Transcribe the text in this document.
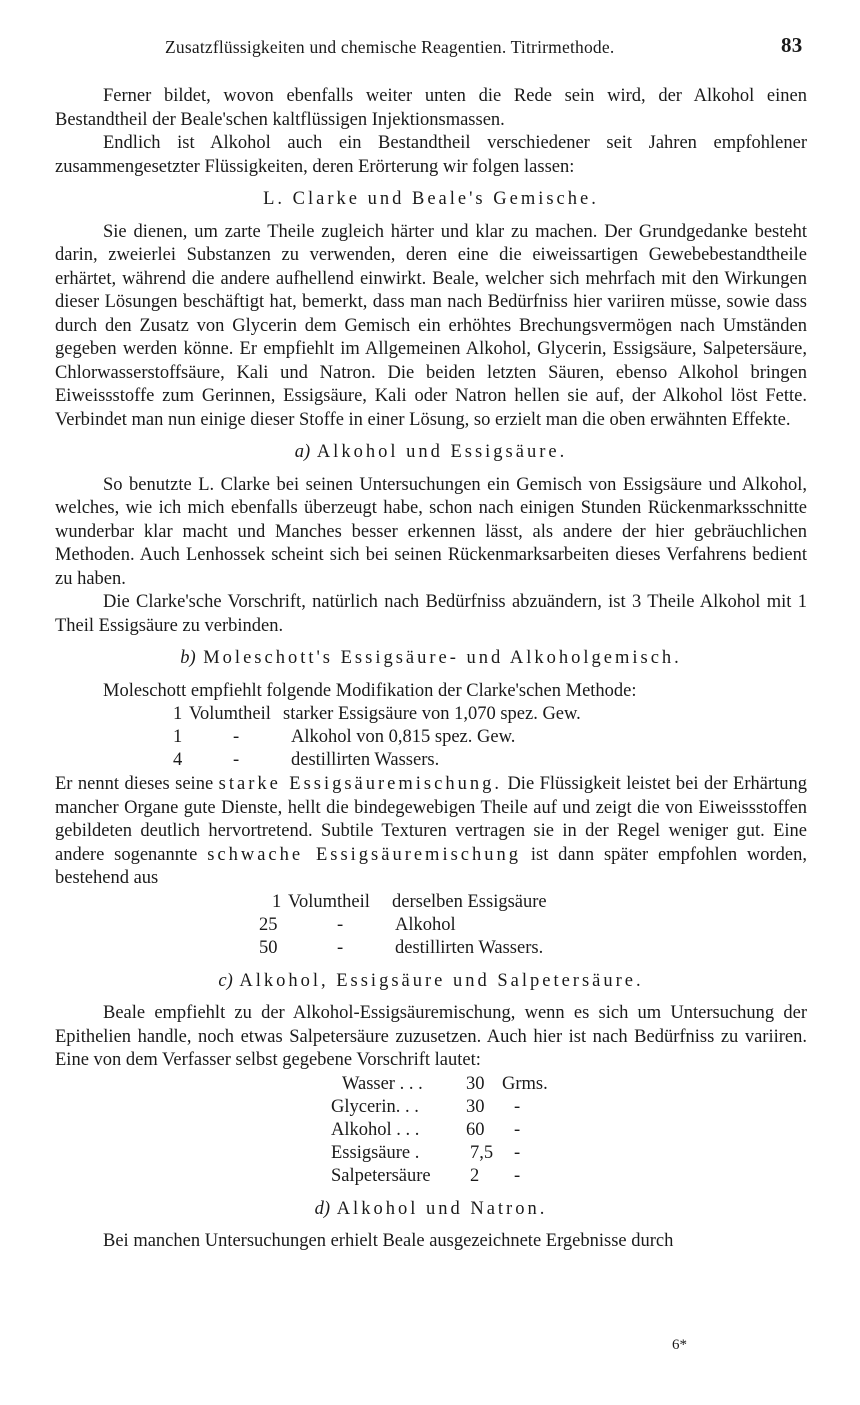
Zusatzflüssigkeiten und chemische Reagentien. Titrirmethode.	83

Ferner bildet, wovon ebenfalls weiter unten die Rede sein wird, der Alkohol einen Bestandtheil der Beale'schen kaltflüssigen Injektionsmassen.

Endlich ist Alkohol auch ein Bestandtheil verschiedener seit Jahren empfohlener zusammengesetzter Flüssigkeiten, deren Erörterung wir folgen lassen:

L. Clarke und Beale's Gemische.

Sie dienen, um zarte Theile zugleich härter und klar zu machen. Der Grundgedanke besteht darin, zweierlei Substanzen zu verwenden, deren eine die eiweissartigen Gewebebestandtheile erhärtet, während die andere aufhellend einwirkt. Beale, welcher sich mehrfach mit den Wirkungen dieser Lösungen beschäftigt hat, bemerkt, dass man nach Bedürfniss hier variiren müsse, sowie dass durch den Zusatz von Glycerin dem Gemisch ein erhöhtes Brechungsvermögen nach Umständen gegeben werden könne. Er empfiehlt im Allgemeinen Alkohol, Glycerin, Essigsäure, Salpetersäure, Chlorwasserstoffsäure, Kali und Natron. Die beiden letzten Säuren, ebenso Alkohol bringen Eiweissstoffe zum Gerinnen, Essigsäure, Kali oder Natron hellen sie auf, der Alkohol löst Fette. Verbindet man nun einige dieser Stoffe in einer Lösung, so erzielt man die oben erwähnten Effekte.

a) Alkohol und Essigsäure.

So benutzte L. Clarke bei seinen Untersuchungen ein Gemisch von Essigsäure und Alkohol, welches, wie ich mich ebenfalls überzeugt habe, schon nach einigen Stunden Rückenmarksschnitte wunderbar klar macht und Manches besser erkennen lässt, als andere der hier gebräuchlichen Methoden. Auch Lenhossek scheint sich bei seinen Rückenmarksarbeiten dieses Verfahrens bedient zu haben.

Die Clarke'sche Vorschrift, natürlich nach Bedürfniss abzuändern, ist 3 Theile Alkohol mit 1 Theil Essigsäure zu verbinden.

b) Moleschott's Essigsäure- und Alkoholgemisch.

Moleschott empfiehlt folgende Modifikation der Clarke'schen Methode:

1 Volumtheil starker Essigsäure von 1,070 spez. Gew.
1	-	Alkohol von 0,815 spez. Gew.
4	-	destillirten Wassers.

Er nennt dieses seine starke Essigsäuremischung. Die Flüssigkeit leistet bei der Erhärtung mancher Organe gute Dienste, hellt die bindegewebigen Theile auf und zeigt die von Eiweissstoffen gebildeten deutlich hervortretend. Subtile Texturen vertragen sie in der Regel weniger gut. Eine andere sogenannte schwache Essigsäuremischung ist dann später empfohlen worden, bestehend aus

1 Volumtheil derselben Essigsäure
25	-	Alkohol
50	-	destillirten Wassers.
c) Alkohol, Essigsäure und Salpetersäure.

Beale empfiehlt zu der Alkohol-Essigsäuremischung, wenn es sich um Untersuchung der Epithelien handle, noch etwas Salpetersäure zuzusetzen. Auch hier ist nach Bedürfniss zu variiren. Eine von dem Verfasser selbst gegebene Vorschrift lautet:

Wasser . . . 30 Grms.
Glycerin. . .	30 -
Alkohol . . .	60 -
Essigsäure .	7,5 -
Salpetersäure 2 -
d) Alkohol und Natron.

Bei manchen Untersuchungen erhielt Beale ausgezeichnete Ergebnisse durch

6*
